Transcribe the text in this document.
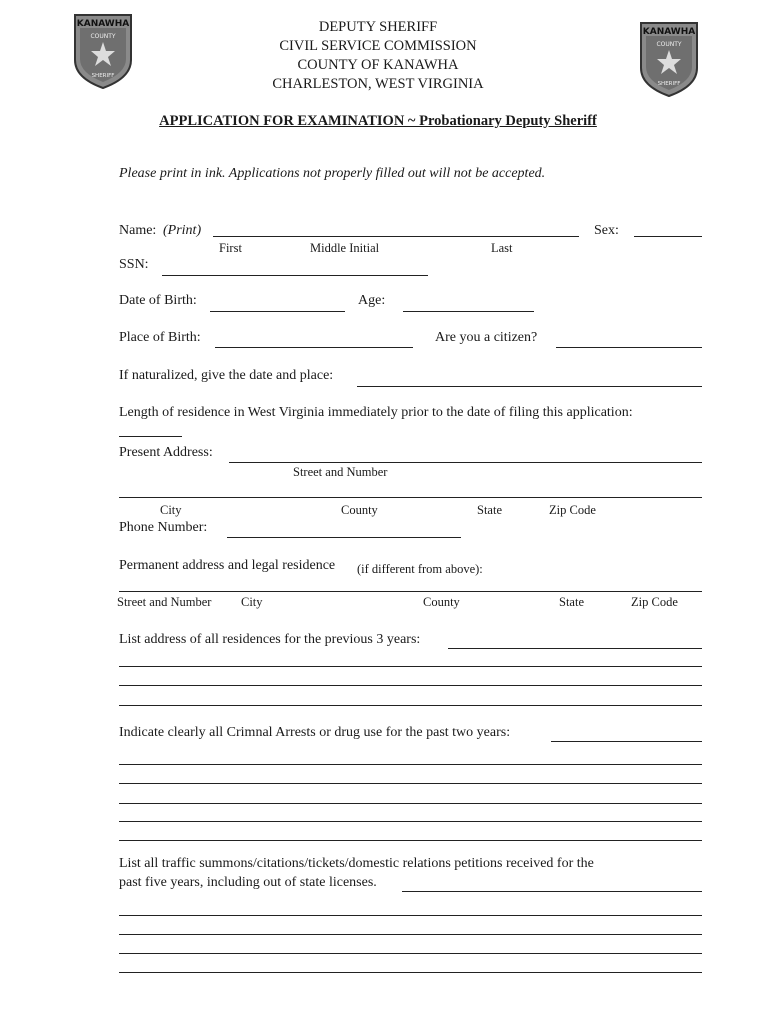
KANAWHA
COUNTY
SHERIFF
KANAWHA
COUNTY
SHERIFF
DEPUTY SHERIFF
CIVIL SERVICE COMMISSION
COUNTY OF KANAWHA
CHARLESTON, WEST VIRGINIA
APPLICATION FOR EXAMINATION ~ Probationary Deputy Sheriff
Please print in ink. Applications not properly filled out will not be accepted.
Name: (Print)	Sex:
First	Middle Initial	Last
SSN:
Date of Birth:	Age:
Place of Birth:	Are you a citizen?
If naturalized, give the date and place:
Length of residence in West Virginia immediately prior to the date of filing this application:
Present Address:
Street and Number
City	County	State	Zip Code
Phone Number:
Permanent address and legal residence (if different from above):
Street and Number City	County	State	Zip Code
List address of all residences for the previous 3 years:
Indicate clearly all Crimnal Arrests or drug use for the past two years:
List all traffic summons/citations/tickets/domestic relations petitions received for the
past five years, including out of state licenses.
